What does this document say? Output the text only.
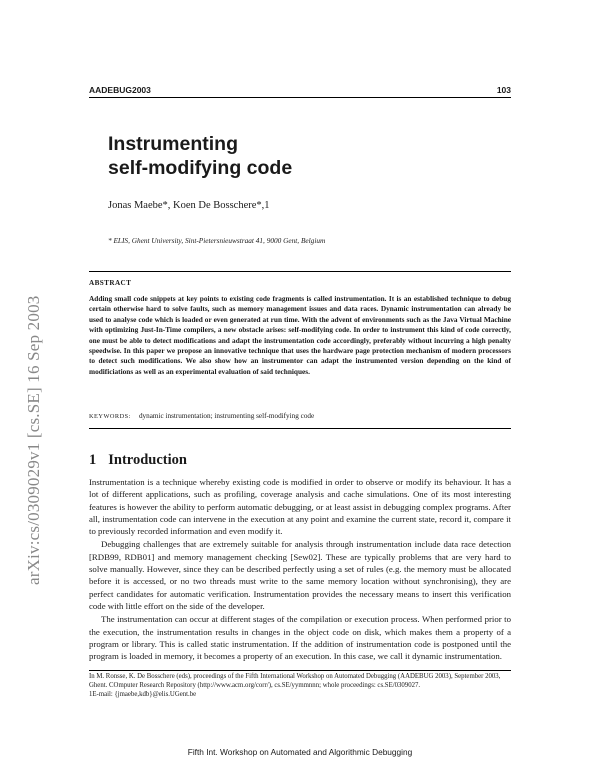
AADEBUG2003	103
arXiv:cs/0309029v1 [cs.SE] 16 Sep 2003
Instrumenting
self-modifying code
Jonas Maebe*, Koen De Bosschere*,1
* ELIS, Ghent University, Sint-Pietersnieuwstraat 41, 9000 Gent, Belgium
ABSTRACT
Adding small code snippets at key points to existing code fragments is called instrumentation. It is an established technique to debug certain otherwise hard to solve faults, such as memory management issues and data races. Dynamic instrumentation can already be used to analyse code which is loaded or even generated at run time. With the advent of environments such as the Java Virtual Machine with optimizing Just-In-Time compilers, a new obstacle arises: self-modifying code. In order to instrument this kind of code correctly, one must be able to detect modifications and adapt the instrumentation code accordingly, preferably without incurring a high penalty speedwise. In this paper we propose an innovative technique that uses the hardware page protection mechanism of modern processors to detect such modifications. We also show how an instrumentor can adapt the instrumented version depending on the kind of modificiations as well as an experimental evaluation of said techniques.
KEYWORDS: dynamic instrumentation; instrumenting self-modifying code
1 Introduction

Instrumentation is a technique whereby existing code is modified in order to observe or modify its behaviour. It has a lot of different applications, such as profiling, coverage analysis and cache simulations. One of its most interesting features is however the ability to perform automatic debugging, or at least assist in debugging complex programs. After all, instrumentation code can intervene in the execution at any point and examine the current state, record it, compare it to previously recorded information and even modify it.

Debugging challenges that are extremely suitable for analysis through instrumentation include data race detection [RDB99, RDB01] and memory management checking [Sew02]. These are typically problems that are very hard to solve manually. However, since they can be described perfectly using a set of rules (e.g. the memory must be allocated before it is accessed, or no two threads must write to the same memory location without synchronising), they are perfect candidates for automatic verification. Instrumentation provides the necessary means to insert this verification code with little effort on the side of the developer.

The instrumentation can occur at different stages of the compilation or execution process. When performed prior to the execution, the instrumentation results in changes in the object code on disk, which makes them a property of a program or library. This is called static instrumentation. If the addition of instrumentation code is postponed until the program is loaded in memory, it becomes a property of an execution. In this case, we call it dynamic instrumentation.

In M. Ronsse, K. De Bosschere (eds), proceedings of the Fifth International Workshop on Automated Debugging (AADEBUG 2003), September 2003, Ghent. COmputer Research Repository (http://www.acm.org/corr/), cs.SE/yymmnnn; whole proceedings: cs.SE/0309027.
1E-mail: {jmaebe,kdb}@elis.UGent.be
Fifth Int. Workshop on Automated and Algorithmic Debugging
